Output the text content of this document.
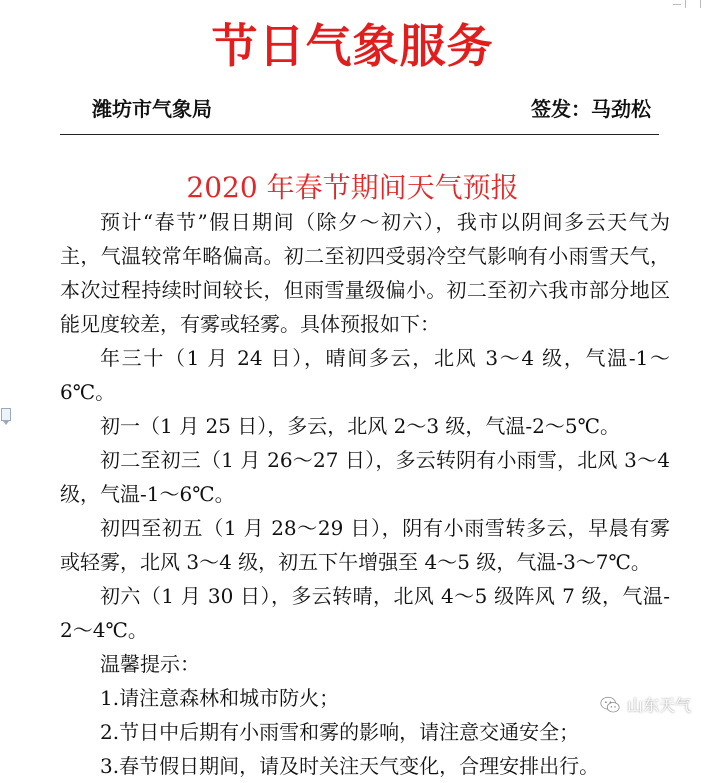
节日气象服务
潍坊市气象局	签发：马劲松
2020 年春节期间天气预报

预计“春节”假日期间（除夕～初六），我市以阴间多云天气为主，气温较常年略偏高。初二至初四受弱冷空气影响有小雨雪天气，本次过程持续时间较长，但雨雪量级偏小。初二至初六我市部分地区能见度较差，有雾或轻雾。具体预报如下：

年三十（1 月 24 日），晴间多云，北风 3～4 级，气温-1～6℃。

初一（1 月 25 日），多云，北风 2～3 级，气温-2～5℃。

初二至初三（1 月 26～27 日），多云转阴有小雨雪，北风 3～4 级，气温-1～6℃。

初四至初五（1 月 28～29 日），阴有小雨雪转多云，早晨有雾或轻雾，北风 3～4 级，初五下午增强至 4～5 级，气温-3～7℃。

初六（1 月 30 日），多云转晴，北风 4～5 级阵风 7 级，气温-2～4℃。

温馨提示：

1.请注意森林和城市防火；

2.节日中后期有小雨雪和雾的影响，请注意交通安全；

3.春节假日期间，请及时关注天气变化，合理安排出行。

山东天气
